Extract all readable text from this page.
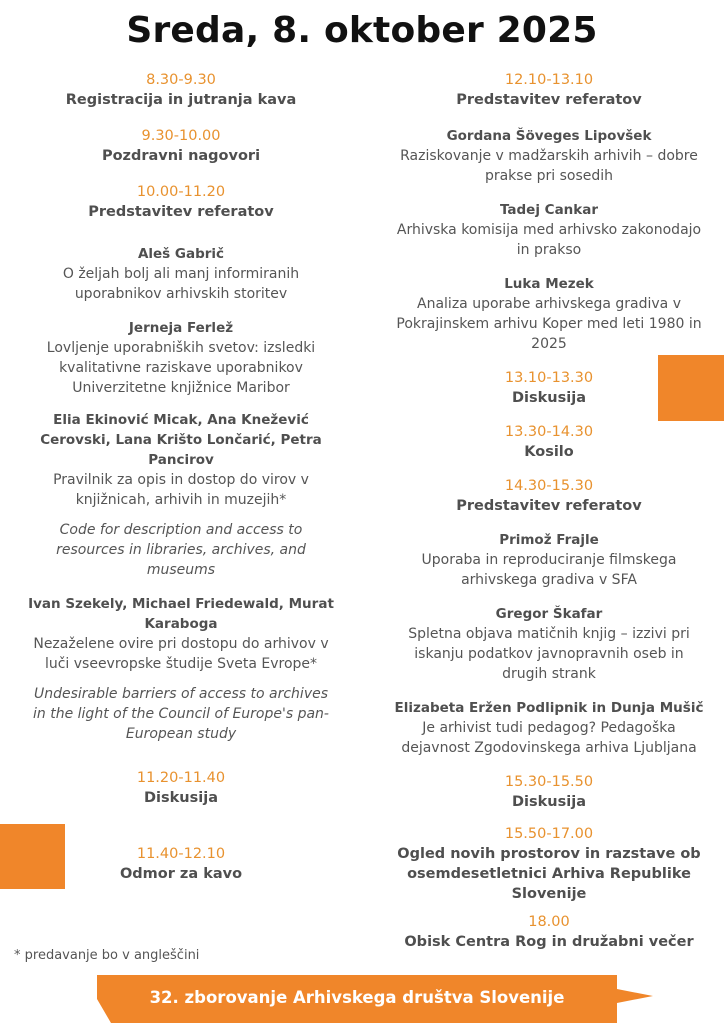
Sreda, 8. oktober 2025
8.30-9.30
Registracija in jutranja kava
9.30-10.00
Pozdravni nagovori
10.00-11.20
Predstavitev referatov
Aleš Gabrič
O željah bolj ali manj informiranih
uporabnikov arhivskih storitev
Jerneja Ferlež
Lovljenje uporabniških svetov: izsledki
kvalitativne raziskave uporabnikov
Univerzitetne knjižnice Maribor
Elia Ekinović Micak, Ana Knežević
Cerovski, Lana Krišto Lončarić, Petra
Pancirov
Pravilnik za opis in dostop do virov v
knjižnicah, arhivih in muzejih*
Code for description and access to
resources in libraries, archives, and
museums
Ivan Szekely, Michael Friedewald, Murat
Karaboga
Nezaželene ovire pri dostopu do arhivov v
luči vseevropske študije Sveta Evrope*
Undesirable barriers of access to archives
in the light of the Council of Europe's pan-
European study
11.20-11.40
Diskusija
11.40-12.10
Odmor za kavo
12.10-13.10
Predstavitev referatov
Gordana Šöveges Lipovšek
Raziskovanje v madžarskih arhivih – dobre
prakse pri sosedih
Tadej Cankar
Arhivska komisija med arhivsko zakonodajo
in prakso
Luka Mezek
Analiza uporabe arhivskega gradiva v
Pokrajinskem arhivu Koper med leti 1980 in
2025
13.10-13.30
Diskusija
13.30-14.30
Kosilo
14.30-15.30
Predstavitev referatov
Primož Frajle
Uporaba in reproduciranje filmskega
arhivskega gradiva v SFA
Gregor Škafar
Spletna objava matičnih knjig – izzivi pri
iskanju podatkov javnopravnih oseb in
drugih strank
Elizabeta Eržen Podlipnik in Dunja Mušič
Je arhivist tudi pedagog? Pedagoška
dejavnost Zgodovinskega arhiva Ljubljana
15.30-15.50
Diskusija
15.50-17.00
Ogled novih prostorov in razstave ob
osemdesetletnici Arhiva Republike
Slovenije
18.00
Obisk Centra Rog in družabni večer
* predavanje bo v angleščini
32. zborovanje Arhivskega društva Slovenije
